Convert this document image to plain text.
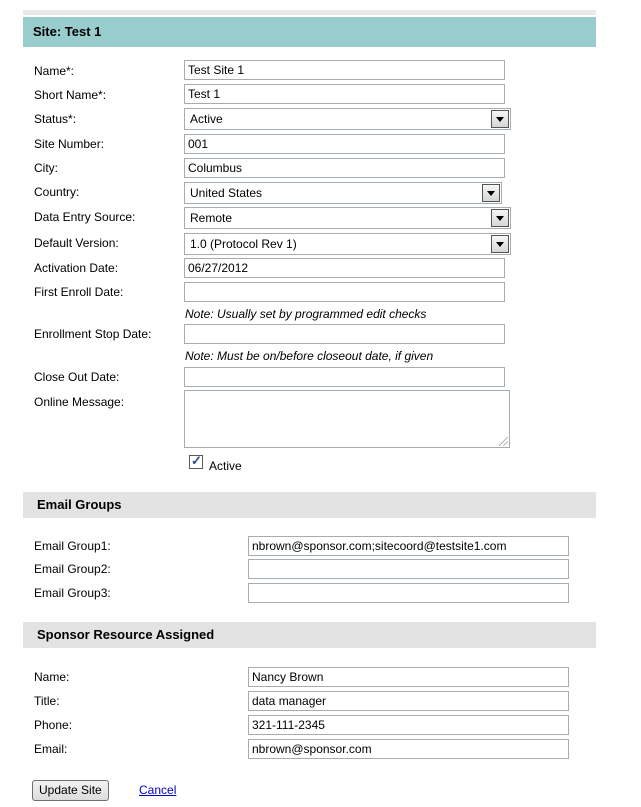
Site: Test 1
Name*:	Test Site 1
Short Name*:	Test 1
Status*:	Active
Site Number:	001
City:	Columbus
Country:	United States
Data Entry Source:	Remote
Default Version:	1.0 (Protocol Rev 1)
Activation Date:	06/27/2012
First Enroll Date:
Note: Usually set by programmed edit checks
Enrollment Stop Date:
Note: Must be on/before closeout date, if given
Close Out Date:
Online Message:
✓
Active
Email Groups
Email Group1:	nbrown@sponsor.com;sitecoord@testsite1.com
Email Group2:
Email Group3:
Sponsor Resource Assigned
Name:	Nancy Brown
Title:	data manager
Phone:	321-111-2345
Email:	nbrown@sponsor.com
Update Site	Cancel
